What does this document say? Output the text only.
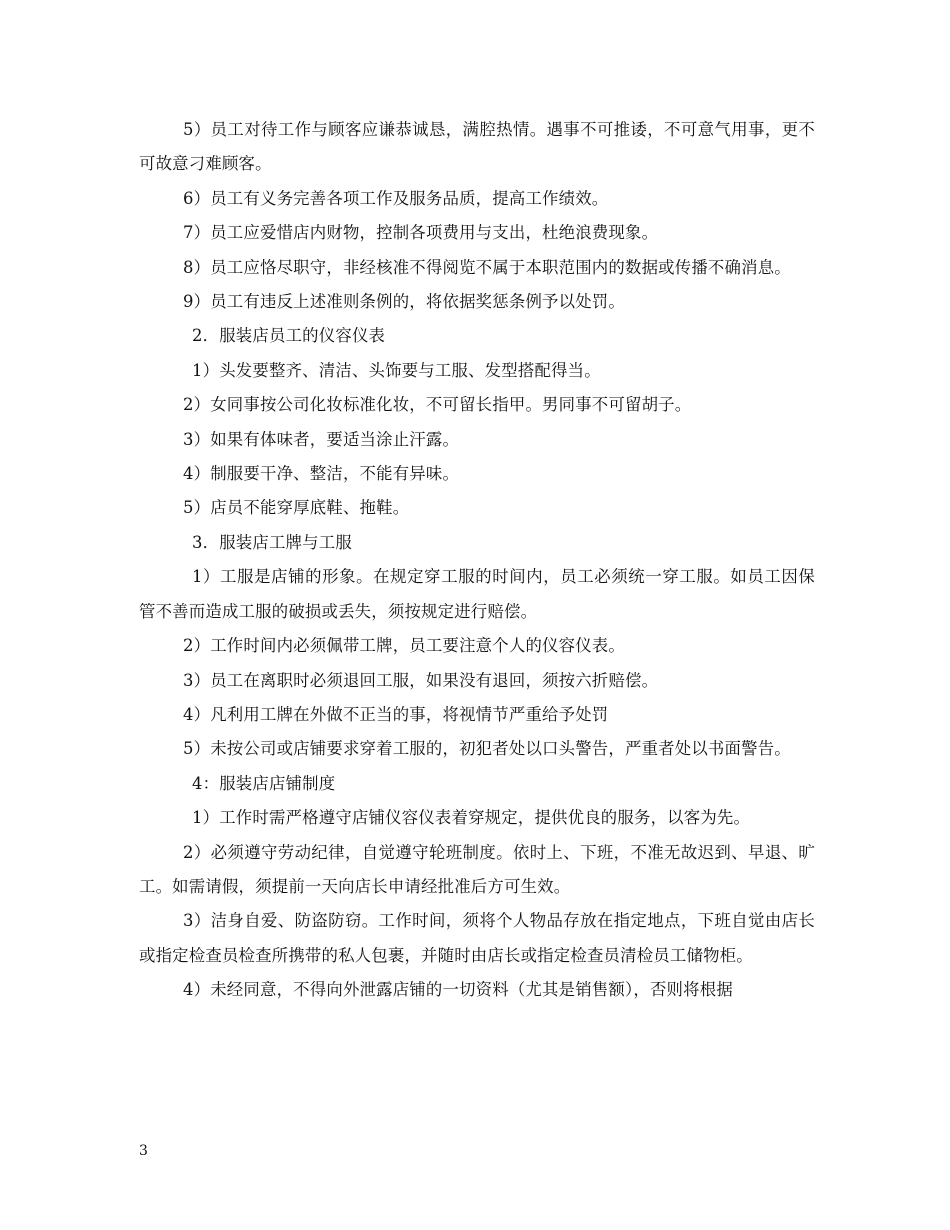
5）员工对待工作与顾客应谦恭诚恳，满腔热情。遇事不可推诿，不可意气用事，更不可故意刁难顾客。

6）员工有义务完善各项工作及服务品质，提高工作绩效。

7）员工应爱惜店内财物，控制各项费用与支出，杜绝浪费现象。

8）员工应恪尽职守，非经核准不得阅览不属于本职范围内的数据或传播不确消息。

9）员工有违反上述准则条例的，将依据奖惩条例予以处罚。

2．服装店员工的仪容仪表

1）头发要整齐、清洁、头饰要与工服、发型搭配得当。

2）女同事按公司化妆标准化妆，不可留长指甲。男同事不可留胡子。

3）如果有体味者，要适当涂止汗露。

4）制服要干净、整洁，不能有异味。

5）店员不能穿厚底鞋、拖鞋。

3．服装店工牌与工服

1）工服是店铺的形象。在规定穿工服的时间内，员工必须统一穿工服。如员工因保管不善而造成工服的破损或丢失，须按规定进行赔偿。

2）工作时间内必须佩带工牌，员工要注意个人的仪容仪表。

3）员工在离职时必须退回工服，如果没有退回，须按六折赔偿。

4）凡利用工牌在外做不正当的事，将视情节严重给予处罚

5）未按公司或店铺要求穿着工服的，初犯者处以口头警告，严重者处以书面警告。

4：服装店店铺制度

1）工作时需严格遵守店铺仪容仪表着穿规定，提供优良的服务，以客为先。

2）必须遵守劳动纪律，自觉遵守轮班制度。依时上、下班，不准无故迟到、早退、旷工。如需请假，须提前一天向店长申请经批准后方可生效。

3）洁身自爱、防盗防窃。工作时间，须将个人物品存放在指定地点，下班自觉由店长或指定检查员检查所携带的私人包裹，并随时由店长或指定检查员清检员工储物柜。

4）未经同意，不得向外泄露店铺的一切资料（尤其是销售额），否则将根据

3
